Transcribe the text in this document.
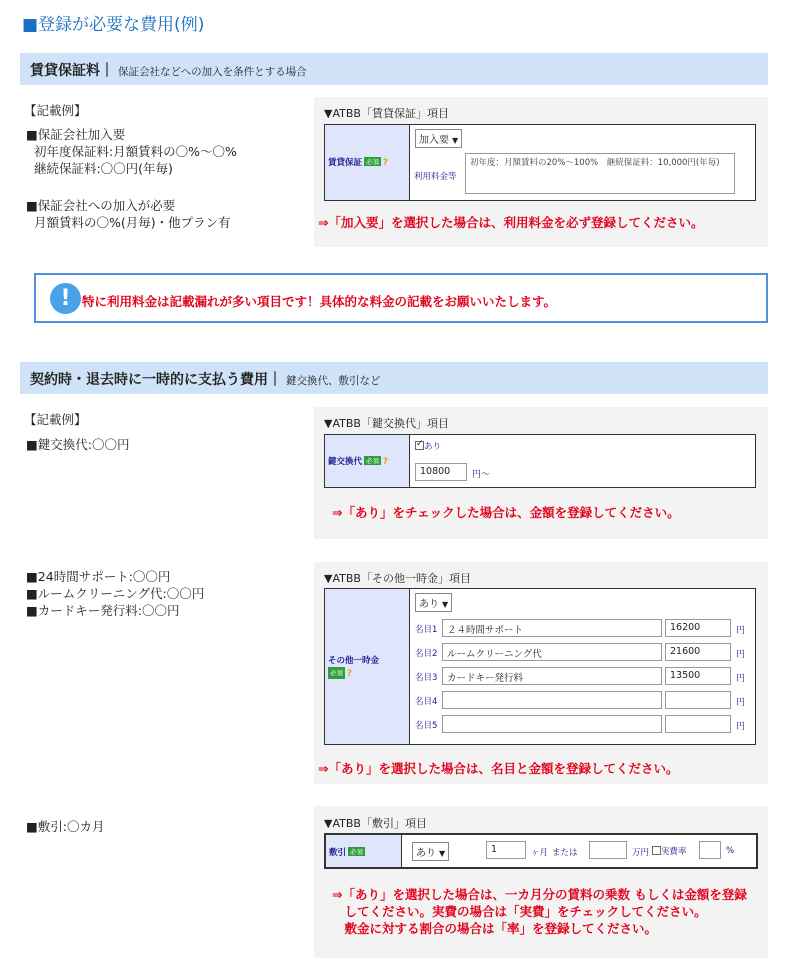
■登録が必要な費用(例)
賃貸保証料｜ 保証会社などへの加入を条件とする場合
【記載例】
■保証会社加入要
初年度保証料:月額賃料の〇%～〇%
継続保証料:〇〇円(年毎)
■保証会社への加入が必要
月額賃料の〇%(月毎)・他プラン有
▼ATBB「賃貸保証」項目
賃貸保証 必須 ?
加入要 ▼
利用料金等
初年度：月額賃料の20%～100%　継続保証料：10,000円(年毎)
⇒「加入要」を選択した場合は、利用料金を必ず登録してください。
! 特に利用料金は記載漏れが多い項目です！具体的な料金の記載をお願いいたします。
契約時・退去時に一時的に支払う費用｜ 鍵交換代、敷引など
【記載例】
■鍵交換代:〇〇円
▼ATBB「鍵交換代」項目
鍵交換代 必須 ?
✓あり
10800	円～
⇒「あり」をチェックした場合は、金額を登録してください。
■24時間サポート:〇〇円
■ルームクリーニング代:〇〇円
■カードキー発行料:〇〇円
▼ATBB「その他一時金」項目
その他一時金
必須 ?
あり ▼
名目1	２４時間サポート	16200	円
名目2	ルームクリーニング代	21600	円
名目3	カードキー発行料	13500	円
名目4	円
名目5	円
⇒「あり」を選択した場合は、名目と金額を登録してください。
■敷引:〇カ月	▼ATBB「敷引」項目
敷引 必須	あり ▼	1	ヶ月 または	万円	実費率	%
⇒「あり」を選択した場合は、一カ月分の賃料の乗数 もしくは金額を登録
　してください。実費の場合は「実費」をチェックしてください。
　敷金に対する割合の場合は「率」を登録してください。
